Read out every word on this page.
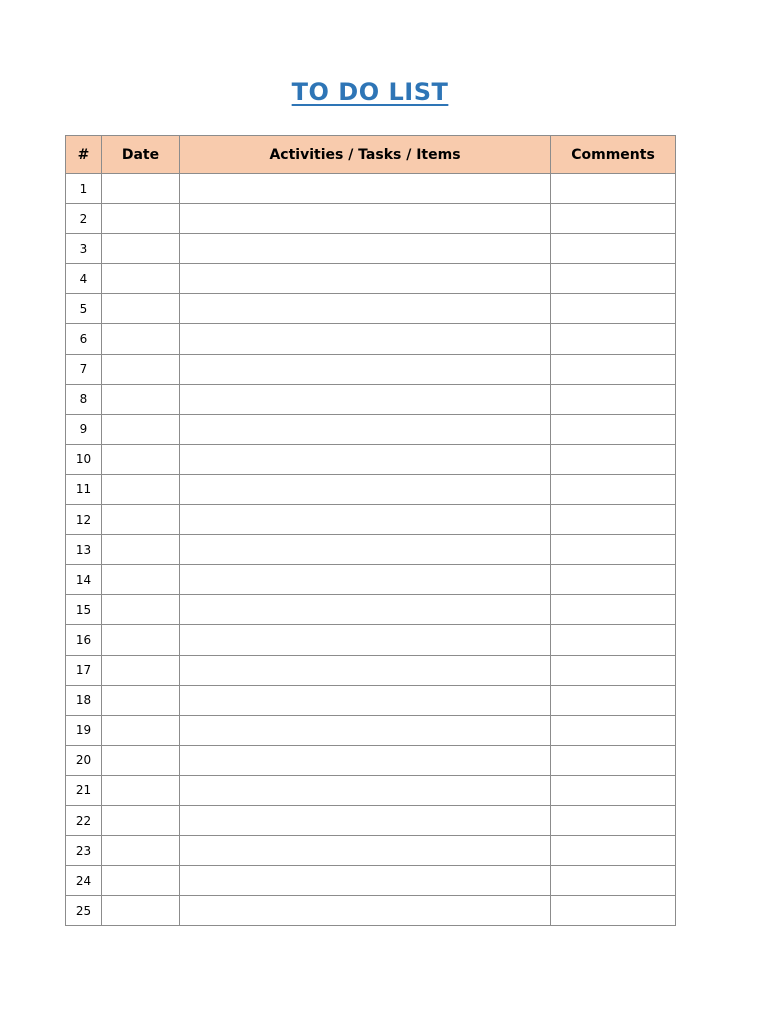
TO DO LIST
#	Date	Activities / Tasks / Items	Comments
1			
2			
3			
4			
5			
6			
7			
8			
9			
10			
11			
12			
13			
14			
15			
16			
17			
18			
19			
20			
21			
22			
23			
24			
25			
